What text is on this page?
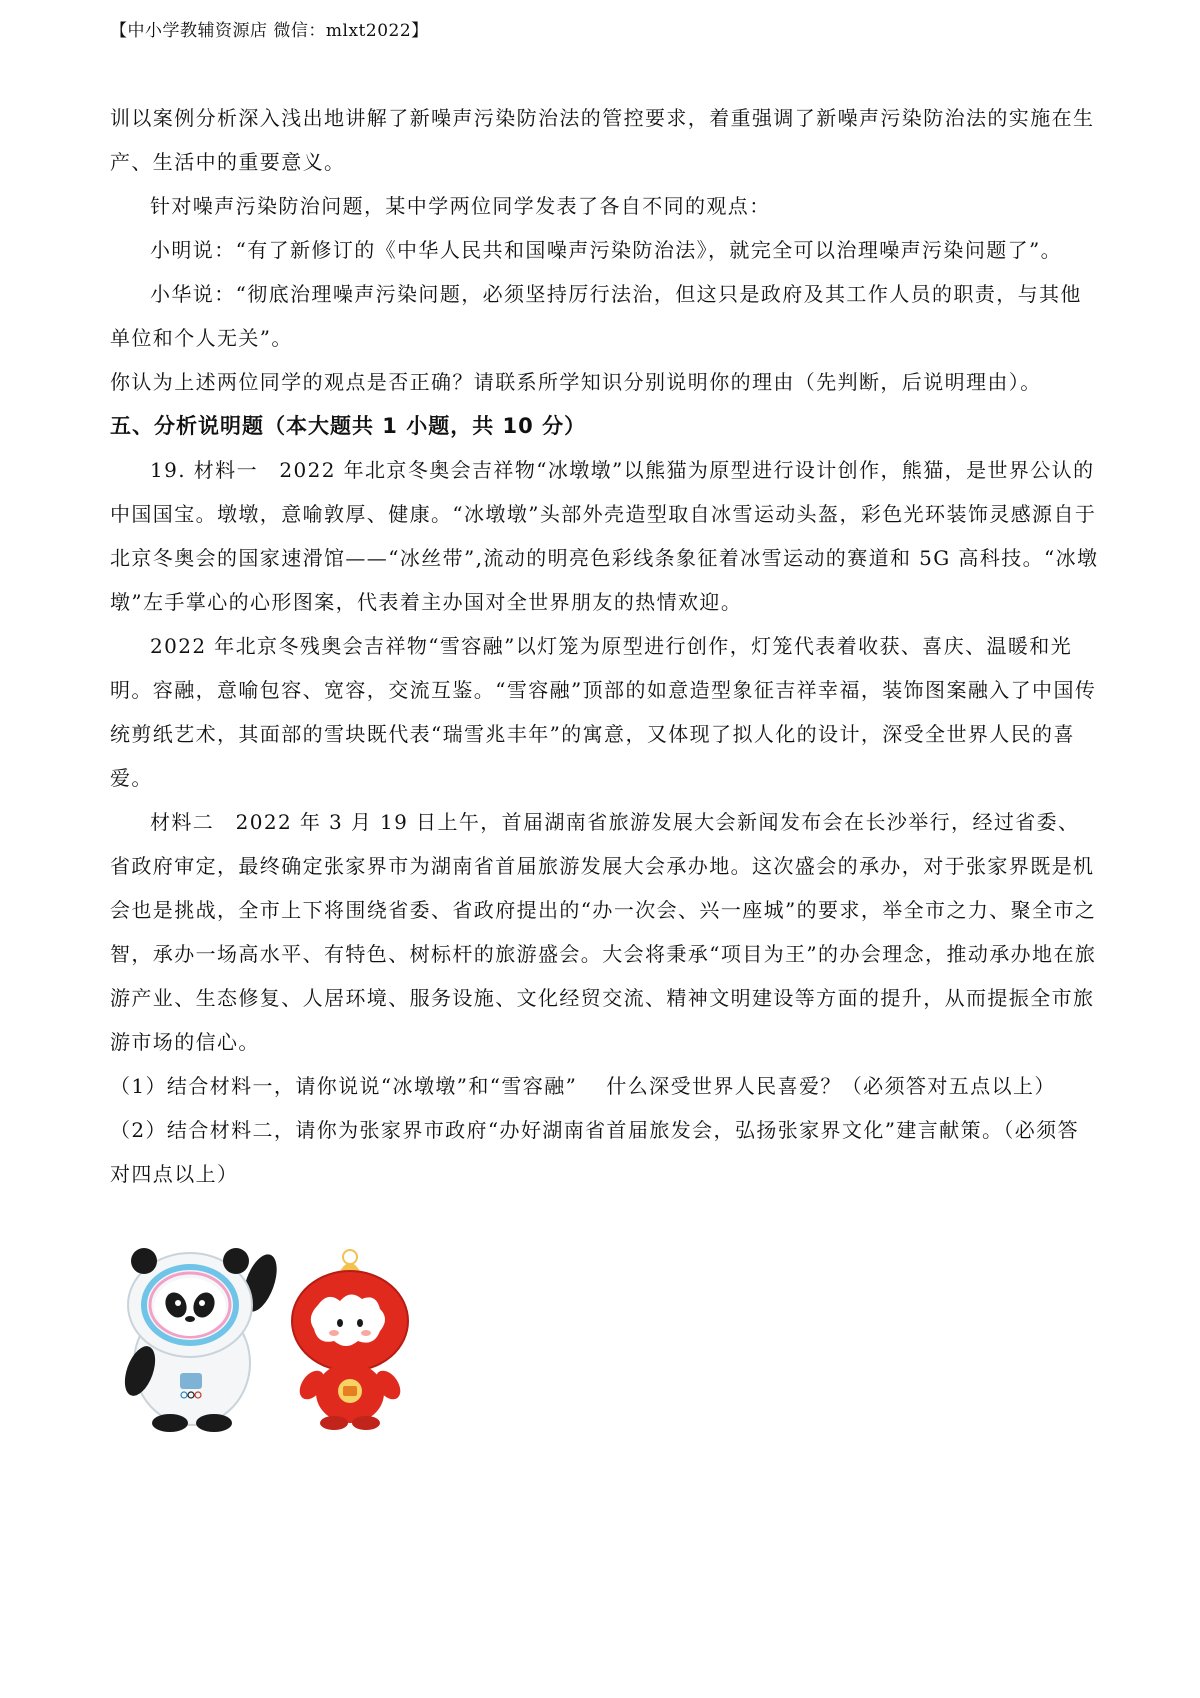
【中小学教辅资源店 微信：mlxt2022】

训以案例分析深入浅出地讲解了新噪声污染防治法的管控要求，着重强调了新噪声污染防治法的实施在生产、生活中的重要意义。

针对噪声污染防治问题，某中学两位同学发表了各自不同的观点：

小明说：“有了新修订的《中华人民共和国噪声污染防治法》，就完全可以治理噪声污染问题了”。

小华说：“彻底治理噪声污染问题，必须坚持厉行法治，但这只是政府及其工作人员的职责，与其他单位和个人无关”。

你认为上述两位同学的观点是否正确？请联系所学知识分别说明你的理由（先判断，后说明理由）。

五、分析说明题（本大题共 1 小题，共 10 分）

19. 材料一　2022 年北京冬奥会吉祥物“冰墩墩”以熊猫为原型进行设计创作，熊猫，是世界公认的中国国宝。墩墩，意喻敦厚、健康。“冰墩墩”头部外壳造型取自冰雪运动头盔，彩色光环装饰灵感源自于北京冬奥会的国家速滑馆——“冰丝带”,流动的明亮色彩线条象征着冰雪运动的赛道和 5G 高科技。“冰墩墩”左手掌心的心形图案，代表着主办国对全世界朋友的热情欢迎。

2022 年北京冬残奥会吉祥物“雪容融”以灯笼为原型进行创作，灯笼代表着收获、喜庆、温暖和光明。容融，意喻包容、宽容，交流互鉴。“雪容融”顶部的如意造型象征吉祥幸福，装饰图案融入了中国传统剪纸艺术，其面部的雪块既代表“瑞雪兆丰年”的寓意，又体现了拟人化的设计，深受全世界人民的喜爱。

材料二　2022 年 3 月 19 日上午，首届湖南省旅游发展大会新闻发布会在长沙举行，经过省委、省政府审定，最终确定张家界市为湖南省首届旅游发展大会承办地。这次盛会的承办，对于张家界既是机会也是挑战，全市上下将围绕省委、省政府提出的“办一次会、兴一座城”的要求，举全市之力、聚全市之智，承办一场高水平、有特色、树标杆的旅游盛会。大会将秉承“项目为王”的办会理念，推动承办地在旅游产业、生态修复、人居环境、服务设施、文化经贸交流、精神文明建设等方面的提升，从而提振全市旅游市场的信心。

（1）结合材料一，请你说说“冰墩墩”和“雪容融”　 什么深受世界人民喜爱？（必须答对五点以上）

（2）结合材料二，请你为张家界市政府“办好湖南省首届旅发会，弘扬张家界文化”建言献策。（必须答对四点以上）
